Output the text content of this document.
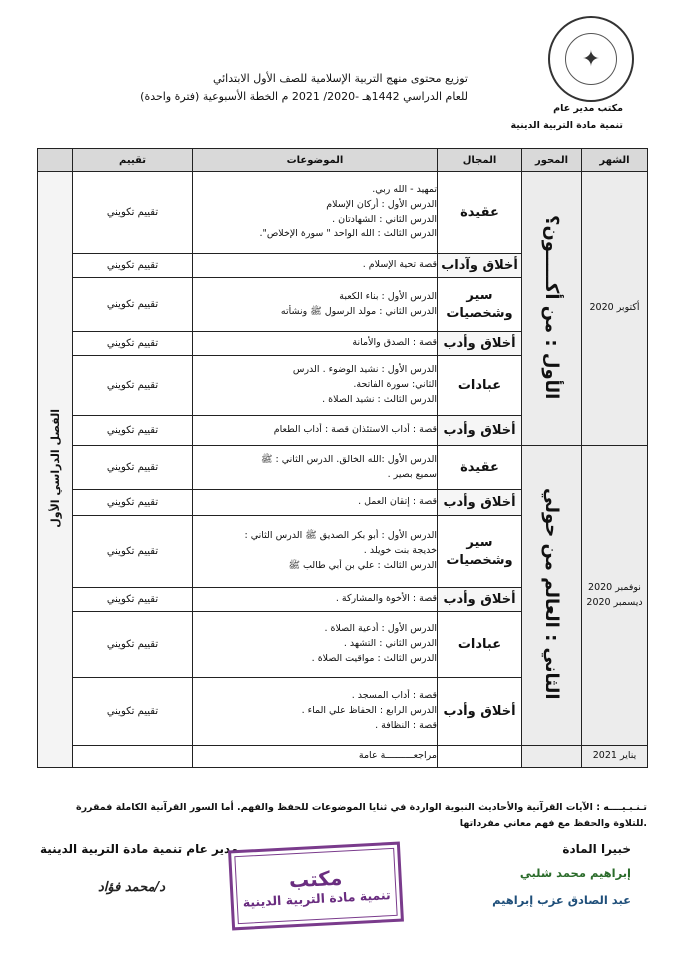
✦
مكتب مدير عام
تنمية مادة التربية الدينية
توزيع محتوى منهج التربية الإسلامية للصف الأول الابتدائي
للعام الدراسي 1442هـ -2020/ 2021 م الخطة الأسبوعية (فترة واحدة)
الشهر	المحور	المجال	الموضوعات	تقييم	
أكتوبر 2020	الأول : من أكـــــون؟	عقيدة	تمهيد - الله ربي.
الدرس الأول : أركان الإسلام
الدرس الثاني : الشهادتان .
الدرس الثالث : الله الواحد " سورة الإخلاص".	تقييم تكويني	الفصل الدراسي الأول
		أخلاق وآداب	قصة تحية الإسلام .	تقييم تكويني	
		سير وشخصيات	الدرس الأول : بناء الكعبة
الدرس الثاني : مولد الرسول ﷺ ونشأته	تقييم تكويني	
		أخلاق وأدب	قصة : الصدق والأمانة	تقييم تكويني	
		عبادات	الدرس الأول : نشيد الوضوء . الدرس
الثاني: سورة الفاتحة.
الدرس الثالث : نشيد الصلاة .	تقييم تكويني	
		أخلاق وأدب	قصة : أداب الاستئذان قصة : أداب الطعام	تقييم تكويني	
نوفمبر 2020
ديسمبر 2020	الثاني : العالم من حولي	عقيدة	الدرس الأول :الله الخالق. الدرس الثاني : ﷺ
سميع بصير .	تقييم تكويني	
		أخلاق وأدب	قصة : إتقان العمل .	تقييم تكويني	
		سير وشخصيات	الدرس الأول : أبو بكر الصديق ﷺ الدرس الثاني :
خديجة بنت خويلد .
الدرس الثالث : علي بن أبي طالب ﷺ	تقييم تكويني	
		أخلاق وأدب	قصة : الأخوة والمشاركة .	تقييم تكويني	
		عبادات	الدرس الأول : أدعية الصلاة .
الدرس الثاني : التشهد .
الدرس الثالث : مواقيت الصلاة .	تقييم تكويني	
		أخلاق وأدب	قصة : أداب المسجد .
الدرس الرابع : الحفاظ علي الماء .
قصة : النظافة .	تقييم تكويني	
يناير 2021			مراجعــــــــــة عامة		
تـنـبـيــــه : الآيات القرآنية والأحاديث النبوية الواردة في ثنايا الموضوعات للحفظ والفهم. أما السور القرآنية الكاملة فمقررة
للتلاوة والحفظ مع فهم معاني مفرداتها.
خبيرا المادة
إبراهيم محمد شلبي
عبد الصادق عزب إبراهيم
مدير عام تنمية مادة التربية الدينية
د/محمد فؤاد	مكتب
تنمية مادة التربية الدينية
